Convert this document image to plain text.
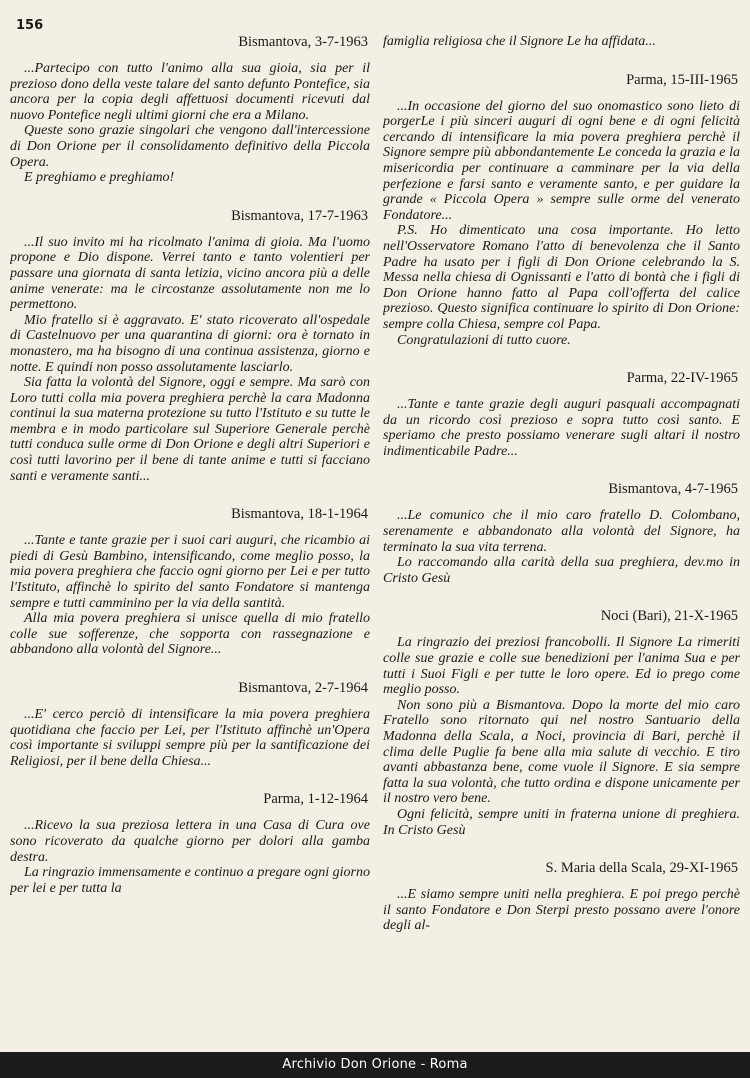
156
Bismantova, 3-7-1963

...Partecipo con tutto l'animo alla sua gioia, sia per il prezioso dono della veste talare del santo defunto Pontefice, sia ancora per la copia degli affettuosi documenti ricevuti dal nuovo Pontefice negli ultimi giorni che era a Milano.

Queste sono grazie singolari che vengono dall'intercessione di Don Orione per il consolidamento definitivo della Piccola Opera.

E preghiamo e preghiamo!

Bismantova, 17-7-1963

...Il suo invito mi ha ricolmato l'anima di gioia. Ma l'uomo propone e Dio dispone. Verrei tanto e tanto volentieri per passare una giornata di santa letizia, vicino ancora più a delle anime venerate: ma le circostanze assolutamente non me lo permettono.

Mio fratello si è aggravato. E' stato ricoverato all'ospedale di Castelnuovo per una quarantina di giorni: ora è tornato in monastero, ma ha bisogno di una continua assistenza, giorno e notte. E quindi non posso assolutamente lasciarlo.

Sia fatta la volontà del Signore, oggi e sempre. Ma sarò con Loro tutti colla mia povera preghiera perchè la cara Madonna continui la sua materna protezione su tutto l'Istituto e su tutte le membra e in modo particolare sul Superiore Generale perchè tutti conduca sulle orme di Don Orione e degli altri Superiori e così tutti lavorino per il bene di tante anime e tutti si facciano santi e veramente santi...

Bismantova, 18-1-1964

...Tante e tante grazie per i suoi cari auguri, che ricambio ai piedi di Gesù Bambino, intensificando, come meglio posso, la mia povera preghiera che faccio ogni giorno per Lei e per tutto l'Istituto, affinchè lo spirito del santo Fondatore si mantenga sempre e tutti camminino per la via della santità.

Alla mia povera preghiera si unisce quella di mio fratello colle sue sofferenze, che sopporta con rassegnazione e abbandono alla volontà del Signore...

Bismantova, 2-7-1964

...E' cerco perciò di intensificare la mia povera preghiera quotidiana che faccio per Lei, per l'Istituto affinchè un'Opera così importante si sviluppi sempre più per la santificazione dei Religiosi, per il bene della Chiesa...

Parma, 1-12-1964

...Ricevo la sua preziosa lettera in una Casa di Cura ove sono ricoverato da qualche giorno per dolori alla gamba destra.

La ringrazio immensamente e continuo a pregare ogni giorno per lei e per tutta la

famiglia religiosa che il Signore Le ha affidata...

Parma, 15-III-1965

...In occasione del giorno del suo onomastico sono lieto di porgerLe i più sinceri auguri di ogni bene e di ogni felicità cercando di intensificare la mia povera preghiera perchè il Signore sempre più abbondantemente Le conceda la grazia e la misericordia per continuare a camminare per la via della perfezione e farsi santo e veramente santo, e per guidare la grande « Piccola Opera » sempre sulle orme del venerato Fondatore...

P.S. Ho dimenticato una cosa importante. Ho letto nell'Osservatore Romano l'atto di benevolenza che il Santo Padre ha usato per i figli di Don Orione celebrando la S. Messa nella chiesa di Ognissanti e l'atto di bontà che i figli di Don Orione hanno fatto al Papa coll'offerta del calice prezioso. Questo significa continuare lo spirito di Don Orione: sempre colla Chiesa, sempre col Papa.

Congratulazioni di tutto cuore.

Parma, 22-IV-1965

...Tante e tante grazie degli auguri pasquali accompagnati da un ricordo così prezioso e sopra tutto così santo. E speriamo che presto possiamo venerare sugli altari il nostro indimenticabile Padre...

Bismantova, 4-7-1965

...Le comunico che il mio caro fratello D. Colombano, serenamente e abbandonato alla volontà del Signore, ha terminato la sua vita terrena.

Lo raccomando alla carità della sua preghiera, dev.mo in Cristo Gesù

Noci (Bari), 21-X-1965

La ringrazio dei preziosi francobolli. Il Signore La rimeriti colle sue grazie e colle sue benedizioni per l'anima Sua e per tutti i Suoi Figli e per tutte le loro opere. Ed io prego come meglio posso.

Non sono più a Bismantova. Dopo la morte del mio caro Fratello sono ritornato qui nel nostro Santuario della Madonna della Scala, a Noci, provincia di Bari, perchè il clima delle Puglie fa bene alla mia salute di vecchio. E tiro avanti abbastanza bene, come vuole il Signore. E sia sempre fatta la sua volontà, che tutto ordina e dispone unicamente per il nostro vero bene.

Ogni felicità, sempre uniti in fraterna unione di preghiera. In Cristo Gesù

S. Maria della Scala, 29-XI-1965

...E siamo sempre uniti nella preghiera. E poi prego perchè il santo Fondatore e Don Sterpi presto possano avere l'onore degli al-

Archivio Don Orione - Roma
